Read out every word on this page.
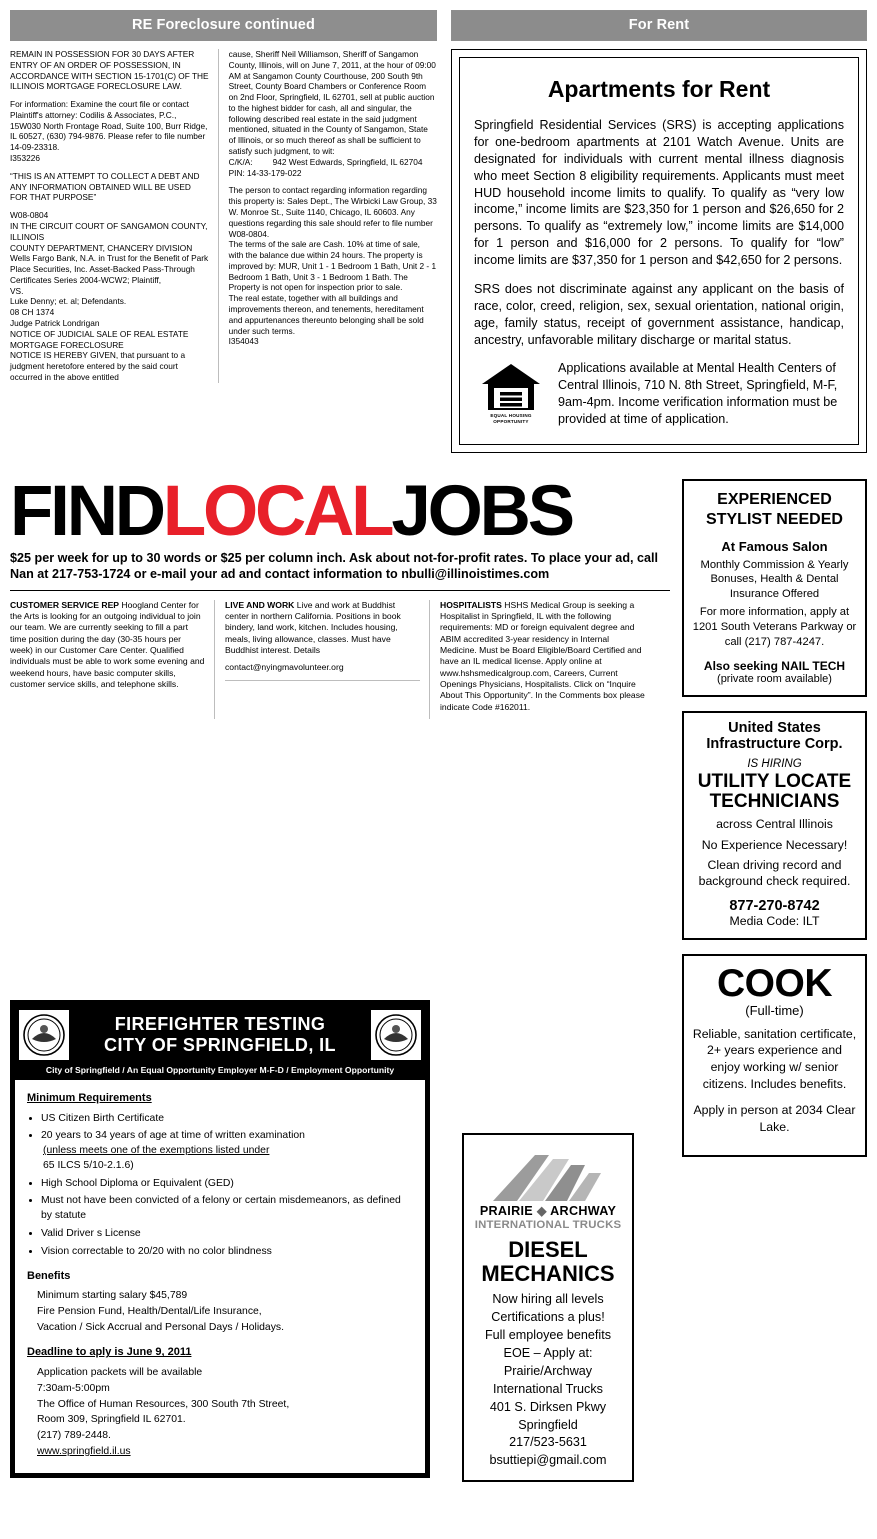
RE Foreclosure continued

REMAIN IN POSSESSION FOR 30 DAYS AFTER ENTRY OF AN ORDER OF POSSESSION, IN ACCORDANCE WITH SECTION 15-1701(C) OF THE ILLINOIS MORTGAGE FORECLOSURE LAW.

For information: Examine the court file or contact Plaintiff's attorney: Codilis & Associates, P.C., 15W030 North Frontage Road, Suite 100, Burr Ridge, IL 60527, (630) 794-9876. Please refer to file number 14-09-23318.

I353226

“THIS IS AN ATTEMPT TO COLLECT A DEBT AND ANY INFORMATION OBTAINED WILL BE USED FOR THAT PURPOSE”

W08-0804

IN THE CIRCUIT COURT OF SANGAMON COUNTY, ILLINOIS

COUNTY DEPARTMENT, CHANCERY DIVISION

Wells Fargo Bank, N.A. in Trust for the Benefit of Park Place Securities, Inc. Asset-Backed Pass-Through Certificates Series 2004-WCW2; Plaintiff,

VS.

Luke Denny; et. al; Defendants.

08 CH 1374

Judge Patrick Londrigan

NOTICE OF JUDICIAL SALE OF REAL ESTATE

MORTGAGE FORECLOSURE

NOTICE IS HEREBY GIVEN, that pursuant to a judgment heretofore entered by the said court occurred in the above entitled

cause, Sheriff Neil Williamson, Sheriff of Sangamon County, Illinois, will on June 7, 2011, at the hour of 09:00 AM at Sangamon County Courthouse, 200 South 9th Street, County Board Chambers or Conference Room on 2nd Floor, Springfield, IL 62701, sell at public auction to the highest bidder for cash, all and singular, the following described real estate in the said judgment mentioned, situated in the County of Sangamon, State of Illinois, or so much thereof as shall be sufficient to satisfy such judgment, to wit:

C/K/A:	942 West Edwards, Springfield, IL 62704

PIN: 14-33-179-022

The person to contact regarding information regarding this property is: Sales Dept., The Wirbicki Law Group, 33 W. Monroe St., Suite 1140, Chicago, IL 60603. Any questions regarding this sale should refer to file number W08-0804.

The terms of the sale are Cash. 10% at time of sale, with the balance due within 24 hours. The property is improved by: MUR, Unit 1 - 1 Bedroom 1 Bath, Unit 2 - 1 Bedroom 1 Bath, Unit 3 - 1 Bedroom 1 Bath. The Property is not open for inspection prior to sale.

The real estate, together with all buildings and improvements thereon, and tenements, hereditament and appurtenances thereunto belonging shall be sold under such terms.

I354043

For Rent
Apartments for Rent

Springfield Residential Services (SRS) is accepting applications for one-bedroom apartments at 2101 Watch Avenue. Units are designated for individuals with current mental illness diagnosis who meet Section 8 eligibility requirements. Applicants must meet HUD household income limits to qualify. To qualify as “very low income,” income limits are $23,350 for 1 person and $26,650 for 2 persons. To qualify as “extremely low,” income limits are $14,000 for 1 person and $16,000 for 2 persons. To qualify for “low” income limits are $37,350 for 1 person and $42,650 for 2 persons.

SRS does not discriminate against any applicant on the basis of race, color, creed, religion, sex, sexual orientation, national origin, age, family status, receipt of government assistance, handicap, ancestry, unfavorable military discharge or marital status.

EQUAL HOUSING OPPORTUNITY
Applications available at Mental Health Centers of Central Illinois, 710 N. 8th Street, Springfield, M-F, 9am-4pm. Income verification information must be provided at time of application.
FINDLOCALJOBS
$25 per week for up to 30 words or $25 per column inch. Ask about not-for-profit rates. To place your ad, call Nan at 217-753-1724 or e-mail your ad and contact information to nbulli@illinoistimes.com

CUSTOMER SERVICE REP Hoogland Center for the Arts is looking for an outgoing individual to join our team. We are currently seeking to fill a part time position during the day (30-35 hours per week) in our Customer Care Center. Qualified individuals must be able to work some evening and weekend hours, have basic computer skills, customer service skills, and telephone skills.

LIVE AND WORK Live and work at Buddhist center in northern California. Positions in book bindery, land work, kitchen. Includes housing, meals, living allowance, classes. Must have Buddhist interest. Details

contact@nyingmavolunteer.org

HOSPITALISTS HSHS Medical Group is seeking a Hospitalist in Springfield, IL with the following requirements: MD or foreign equivalent degree and ABIM accredited 3-year residency in Internal Medicine. Must be Board Eligible/Board Certified and have an IL medical license. Apply online at www.hshsmedicalgroup.com, Careers, Current Openings Physicians, Hospitalists. Click on “Inquire About This Opportunity”. In the Comments box please indicate Code #162011.

EXPERIENCED
STYLIST NEEDED
At Famous Salon

Monthly Commission & Yearly Bonuses, Health & Dental Insurance Offered

For more information, apply at 1201 South Veterans Parkway or call (217) 787-4247.

Also seeking NAIL TECH
(private room available)
United States
Infrastructure Corp.
IS HIRING
UTILITY LOCATE
TECHNICIANS
across Central Illinois
No Experience Necessary!
Clean driving record and background check required.
877-270-8742
Media Code: ILT
COOK
(Full-time)

Reliable, sanitation certificate, 2+ years experience and enjoy working w/ senior citizens. Includes benefits.

Apply in person at 2034 Clear Lake.

FIREFIGHTER TESTING
CITY OF SPRINGFIELD, IL
City of Springfield / An Equal Opportunity Employer M-F-D / Employment Opportunity
Minimum Requirements
• US Citizen Birth Certificate
• 20 years to 34 years of age at time of written examination
(unless meets one of the exemptions listed under
65 ILCS 5/10-2.1.6)
• High School Diploma or Equivalent (GED)
• Must not have been convicted of a felony or certain misdemeanors, as defined by statute
• Valid Driver s License
• Vision correctable to 20/20 with no color blindness
Benefits
Minimum starting salary $45,789
Fire Pension Fund, Health/Dental/Life Insurance,
Vacation / Sick Accrual and Personal Days / Holidays.
Deadline to aply is June 9, 2011
Application packets will be available
7:30am-5:00pm
The Office of Human Resources, 300 South 7th Street,
Room 309, Springfield IL 62701.
(217) 789-2448.
www.springfield.il.us
PRAIRIE ◆ ARCHWAY
INTERNATIONAL TRUCKS
DIESEL
MECHANICS

Now hiring all levels

Certifications a plus!

Full employee benefits

EOE – Apply at:

Prairie/Archway

International Trucks

401 S. Dirksen Pkwy

Springfield

217/523-5631

bsuttiepi@gmail.com
